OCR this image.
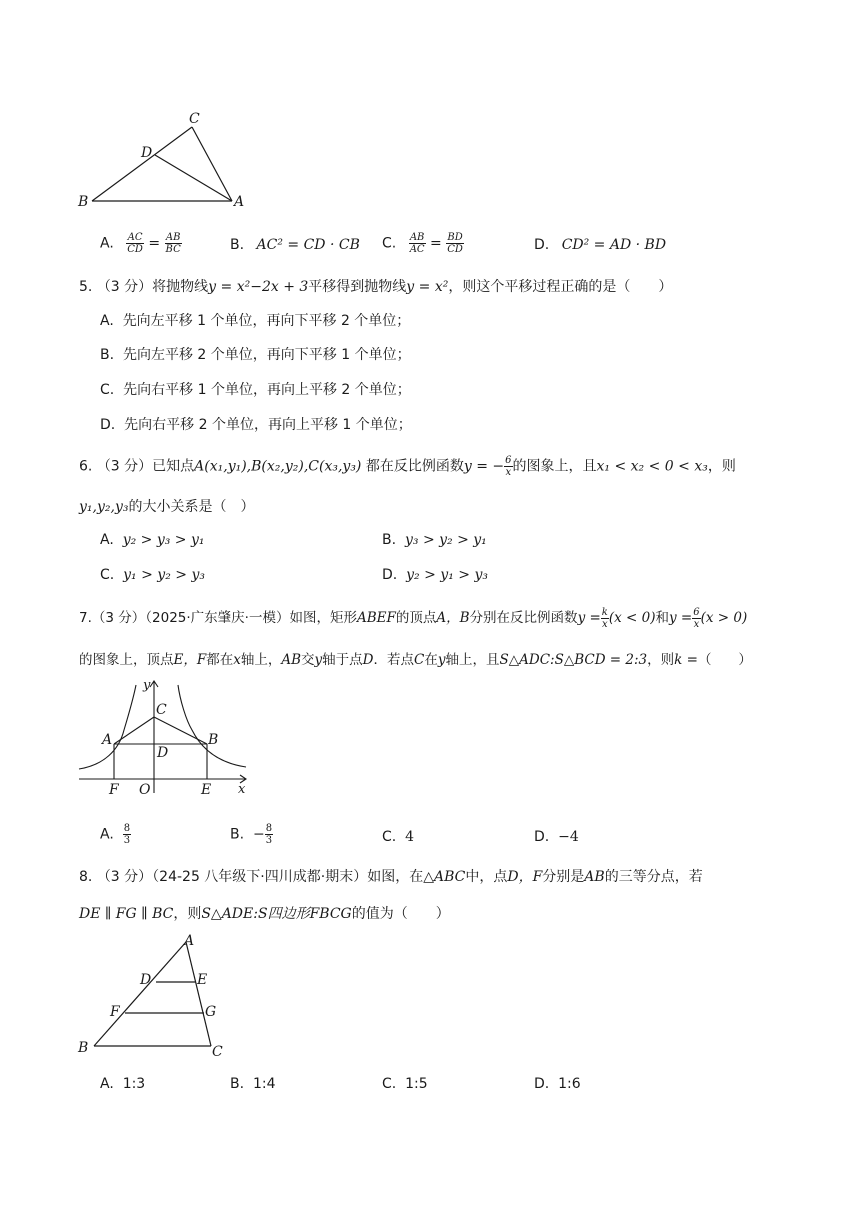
C
D
B	A
A. $\frac{AC}{CD} = \frac{AB}{BC}$	B. AC² = CD · CB C. $\frac{AB}{AC} = \frac{BD}{CD}$	D. CD² = AD · BD
5. （3 分）将抛物线y = x²−2x + 3平移得到抛物线y = x²，则这个平移过程正确的是（　　）
A. 先向左平移 1 个单位，再向下平移 2 个单位；
B. 先向左平移 2 个单位，再向下平移 1 个单位；
C. 先向右平移 1 个单位，再向上平移 2 个单位；
D. 先向右平移 2 个单位，再向上平移 1 个单位；
6. （3 分）已知点A(x₁,y₁),B(x₂,y₂),C(x₃,y₃) 都在反比例函数y = − $\frac{6}{x}$ 的图象上，且x₁ < x₂ < 0 < x₃，则
y₁,y₂,y₃的大小关系是（　）
A. y₂ > y₃ > y₁	B. y₃ > y₂ > y₁
C. y₁ > y₂ > y₃	D. y₂ > y₁ > y₃
7.（3 分）（2025·广东肇庆·一模）如图，矩形ABEF的顶点A，B分别在反比例函数$y = \frac{k}{x} (x < 0)$和$y = \frac{6}{x} (x > 0)$
的图象上，顶点E，F都在x轴上，AB交y轴于点D．若点C在y轴上，且S△ADC:S△BCD = 2:3，则k =（　　）
y
x
C
A	B
D
F O	E
A. $\frac{8}{3}$	B. − $\frac{8}{3}$	C. 4	D. −4
8. （3 分）（24-25 八年级下·四川成都·期末）如图，在△ABC中，点D，F分别是AB的三等分点，若
DE ∥ FG ∥ BC，则S△ADE:S四边形FBCG的值为（　　）
A
D	E
F	G
B	C
A. 1:3	B. 1:4	C. 1:5	D. 1:6
